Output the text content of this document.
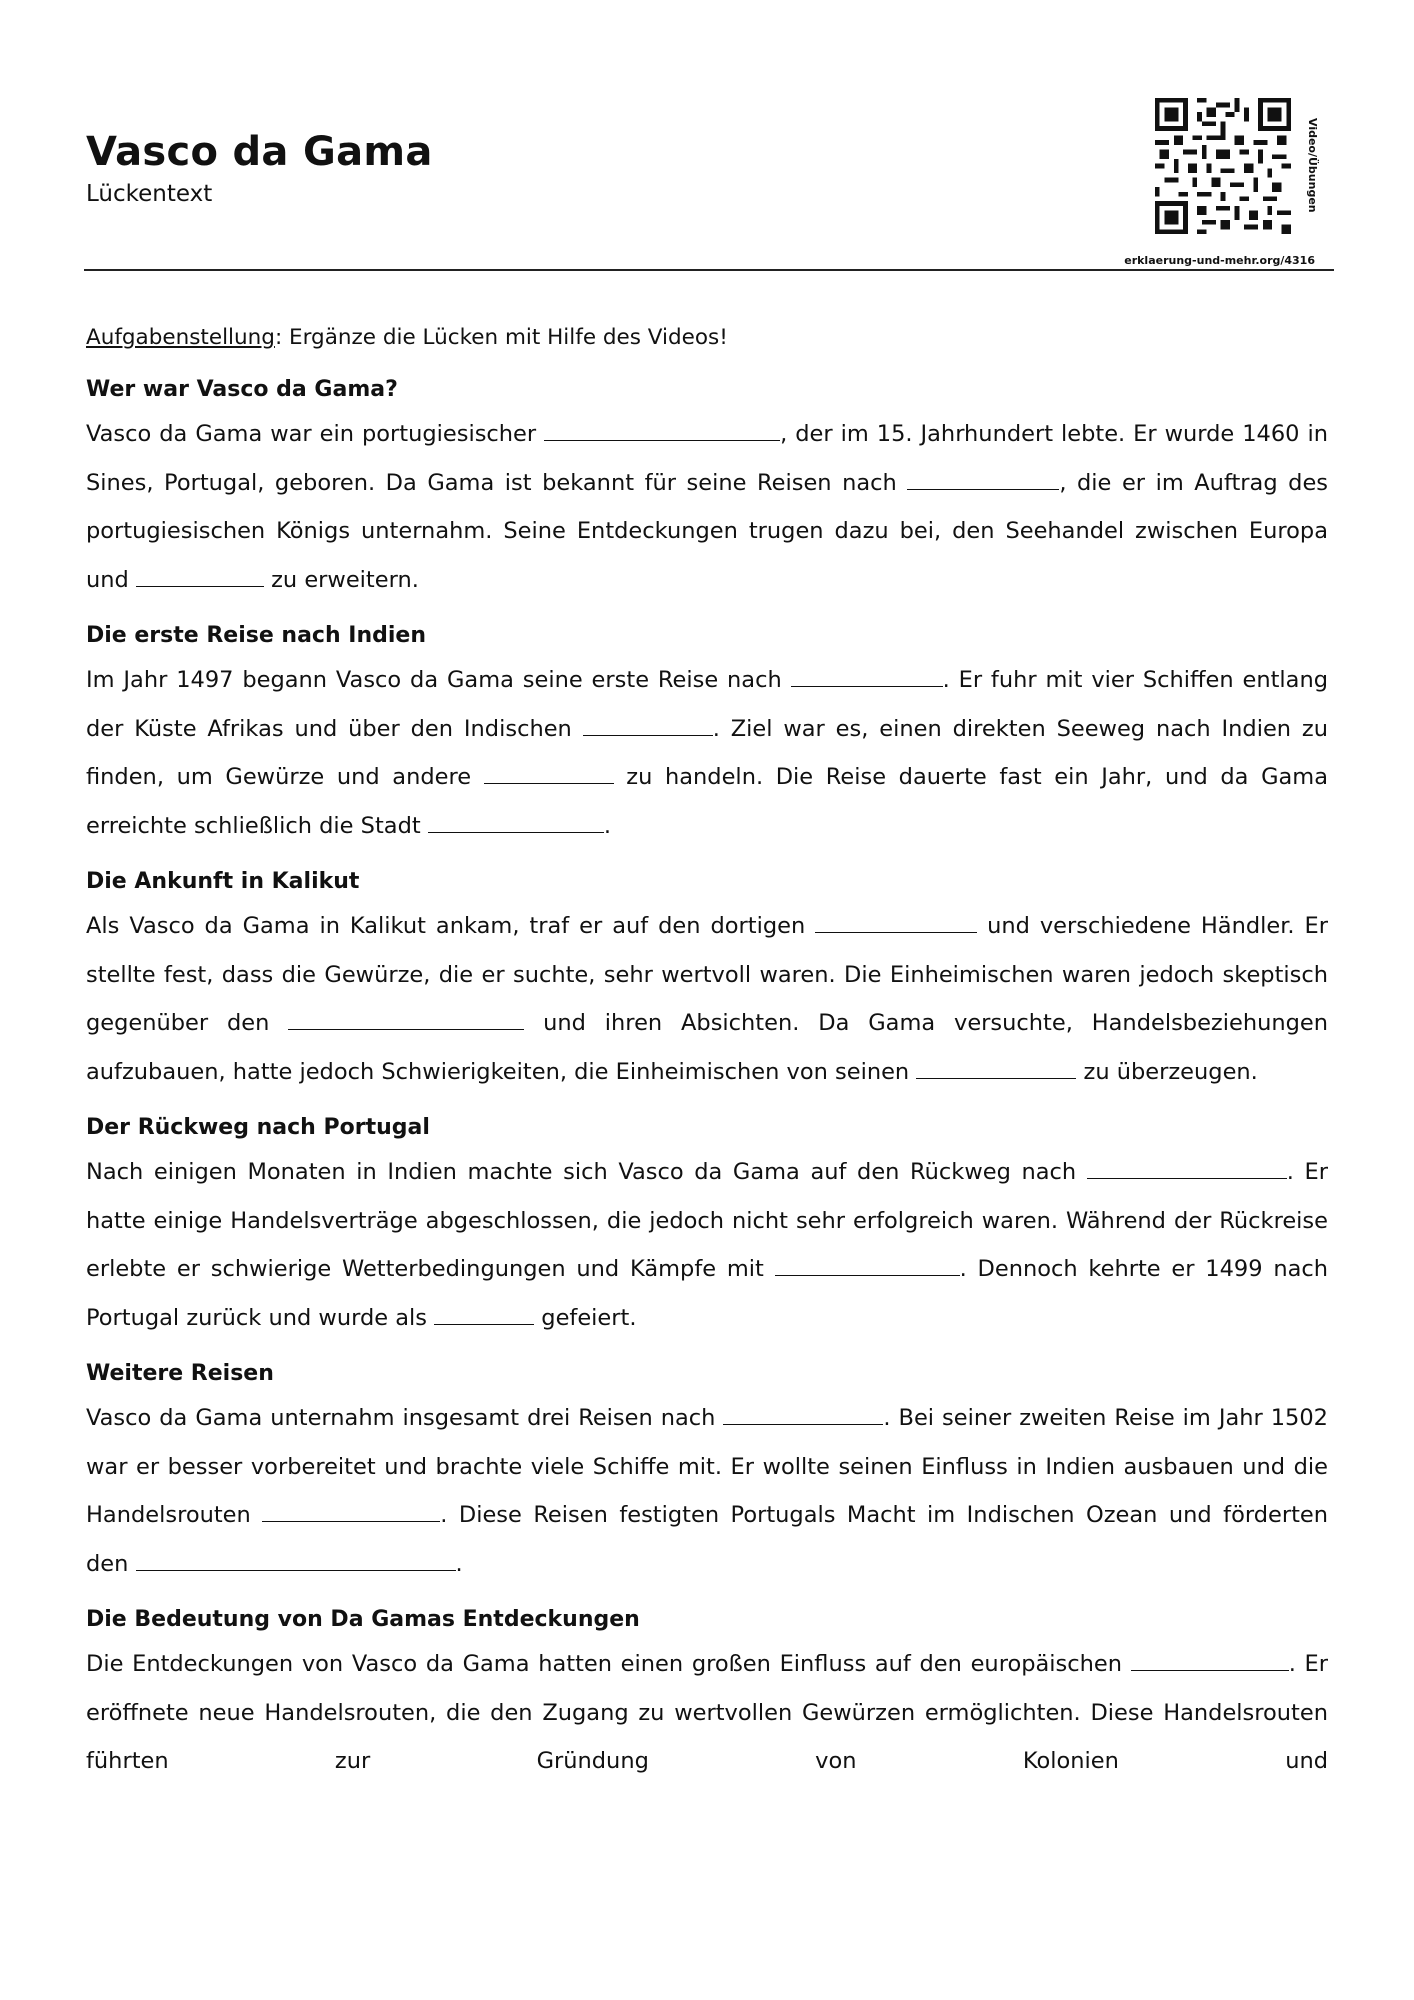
Vasco da Gama
Lückentext	Video/Übungen
erklaerung-und-mehr.org/4316
Aufgabenstellung: Ergänze die Lücken mit Hilfe des Videos!
Wer war Vasco da Gama?

Vasco da Gama war ein portugiesischer	, der im 15. Jahrhundert lebte. Er wurde 1460 in Sines, Portugal, geboren. Da Gama ist bekannt für seine Reisen nach	, die er im Auftrag des portugiesischen Königs unternahm. Seine Entdeckungen trugen dazu bei, den Seehandel zwischen Europa und	zu erweitern.

Die erste Reise nach Indien

Im Jahr 1497 begann Vasco da Gama seine erste Reise nach	. Er fuhr mit vier Schiffen entlang der Küste Afrikas und über den Indischen	. Ziel war es, einen direkten Seeweg nach Indien zu finden, um Gewürze und andere	zu handeln. Die Reise dauerte fast ein Jahr, und da Gama erreichte schließlich die Stadt	.

Die Ankunft in Kalikut

Als Vasco da Gama in Kalikut ankam, traf er auf den dortigen	und verschiedene Händler. Er stellte fest, dass die Gewürze, die er suchte, sehr wertvoll waren. Die Einheimischen waren jedoch skeptisch gegenüber den	und ihren Absichten. Da Gama versuchte, Handelsbeziehungen aufzubauen, hatte jedoch Schwierigkeiten, die Einheimischen von seinen	zu überzeugen.

Der Rückweg nach Portugal

Nach einigen Monaten in Indien machte sich Vasco da Gama auf den Rückweg nach	. Er hatte einige Handelsverträge abgeschlossen, die jedoch nicht sehr erfolgreich waren. Während der Rückreise erlebte er schwierige Wetterbedingungen und Kämpfe mit	. Dennoch kehrte er 1499 nach Portugal zurück und wurde als	gefeiert.

Weitere Reisen

Vasco da Gama unternahm insgesamt drei Reisen nach	. Bei seiner zweiten Reise im Jahr 1502 war er besser vorbereitet und brachte viele Schiffe mit. Er wollte seinen Einfluss in Indien ausbauen und die Handelsrouten	. Diese Reisen festigten Portugals Macht im Indischen Ozean und förderten den	.

Die Bedeutung von Da Gamas Entdeckungen

Die Entdeckungen von Vasco da Gama hatten einen großen Einfluss auf den europäischen	. Er eröffnete neue Handelsrouten, die den Zugang zu wertvollen Gewürzen ermöglichten. Diese Handelsrouten führten zur Gründung von Kolonien und
